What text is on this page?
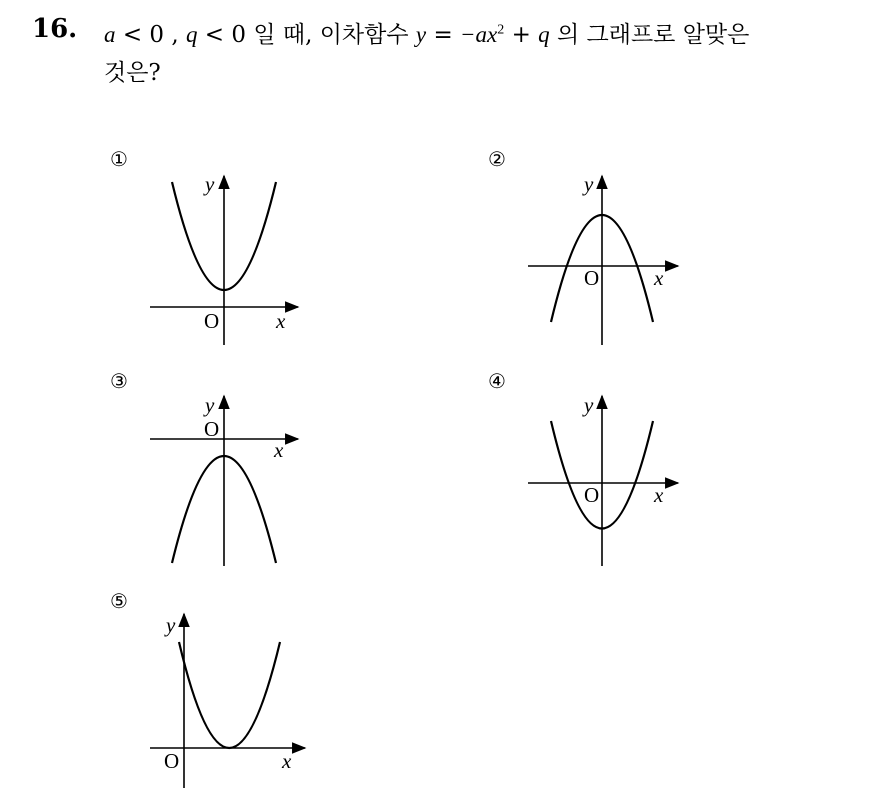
16. a < 0 , q < 0 일 때, 이차함수 $y = -ax^2 + q$ 의 그래프로 알맞은
것은?
①	②
③	④
⑤
y
O	x
y
O	x
y
O
x
y
O	x
y
O	x
